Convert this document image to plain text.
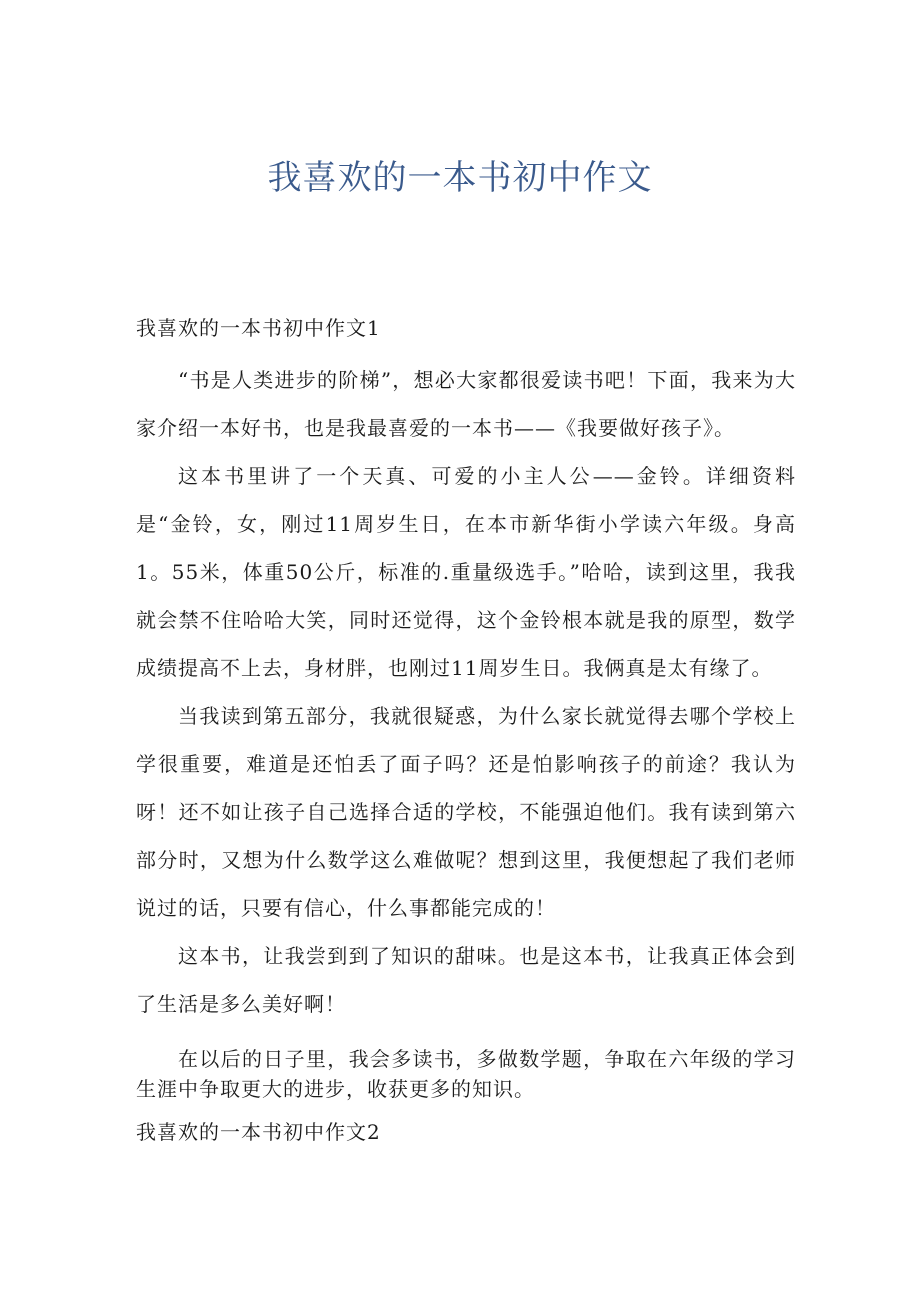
我喜欢的一本书初中作文

我喜欢的一本书初中作文1

“书是人类进步的阶梯”，想必大家都很爱读书吧！下面，我来为大家介绍一本好书，也是我最喜爱的一本书——《我要做好孩子》。

这本书里讲了一个天真、可爱的小主人公——金铃。详细资料是“金铃，女，刚过11周岁生日，在本市新华街小学读六年级。身高1。55米，体重50公斤，标准的.重量级选手。”哈哈，读到这里，我我就会禁不住哈哈大笑，同时还觉得，这个金铃根本就是我的原型，数学成绩提高不上去，身材胖，也刚过11周岁生日。我俩真是太有缘了。

当我读到第五部分，我就很疑惑，为什么家长就觉得去哪个学校上学很重要，难道是还怕丢了面子吗？还是怕影响孩子的前途？我认为呀！还不如让孩子自己选择合适的学校，不能强迫他们。我有读到第六部分时，又想为什么数学这么难做呢？想到这里，我便想起了我们老师说过的话，只要有信心，什么事都能完成的！

这本书，让我尝到到了知识的甜味。也是这本书，让我真正体会到了生活是多么美好啊！

在以后的日子里，我会多读书，多做数学题，争取在六年级的学习生涯中争取更大的进步，收获更多的知识。

我喜欢的一本书初中作文2
